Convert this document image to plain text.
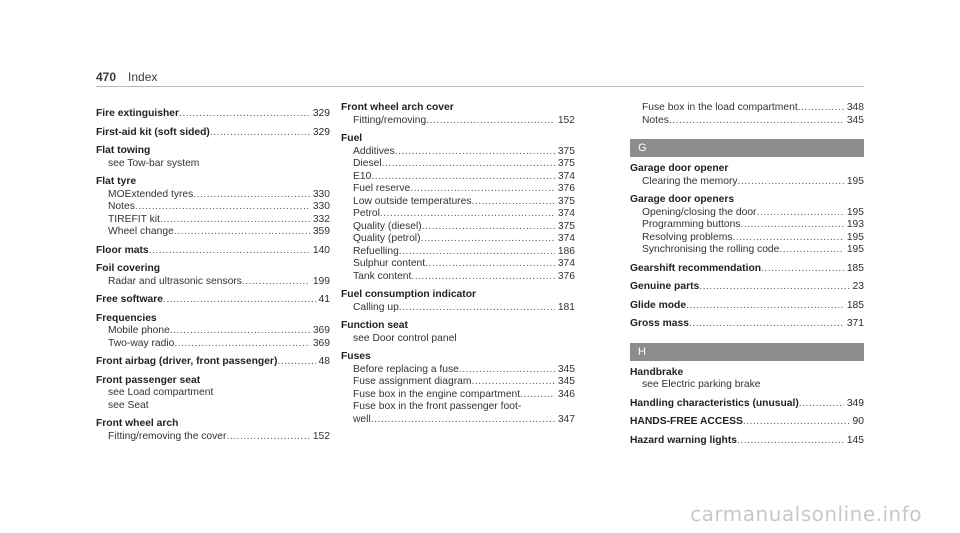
470 Index
Fire extinguisher .....	329
First-aid kit (soft sided) .....	329
Flat towing
see Tow-bar system
Flat tyre
MOExtended tyres .....	330
Notes .....	330
TIREFIT kit .....	332
Wheel change .....	359
Floor mats .....	140
Foil covering
Radar and ultrasonic sensors .....	199
Free software .....	41
Frequencies
Mobile phone .....	369
Two-way radio .....	369
Front airbag (driver, front passenger) .....	48
Front passenger seat
see Load compartment
see Seat
Front wheel arch
Fitting/removing the cover .....	152
Front wheel arch cover
Fitting/removing .....	152
Fuel
Additives .....	375
Diesel .....	375
E10 .....	374
Fuel reserve .....	376
Low outside temperatures .....	375
Petrol .....	374
Quality (diesel) .....	375
Quality (petrol) .....	374
Refuelling .....	186
Sulphur content .....	374
Tank content .....	376
Fuel consumption indicator
Calling up .....	181
Function seat
see Door control panel
Fuses
Before replacing a fuse .....	345
Fuse assignment diagram .....	345
Fuse box in the engine compartment .....	346
Fuse box in the front passenger foot-
well .....	347
Fuse box in the load compartment .....	348
Notes .....	345
G
Garage door opener
Clearing the memory .....	195
Garage door openers
Opening/closing the door .....	195
Programming buttons .....	193
Resolving problems .....	195
Synchronising the rolling code .....	195
Gearshift recommendation .....	185
Genuine parts .....	23
Glide mode .....	185
Gross mass .....	371
H
Handbrake
see Electric parking brake
Handling characteristics (unusual) .....	349
HANDS-FREE ACCESS .....	90
Hazard warning lights .....	145
carmanualsonline.info
